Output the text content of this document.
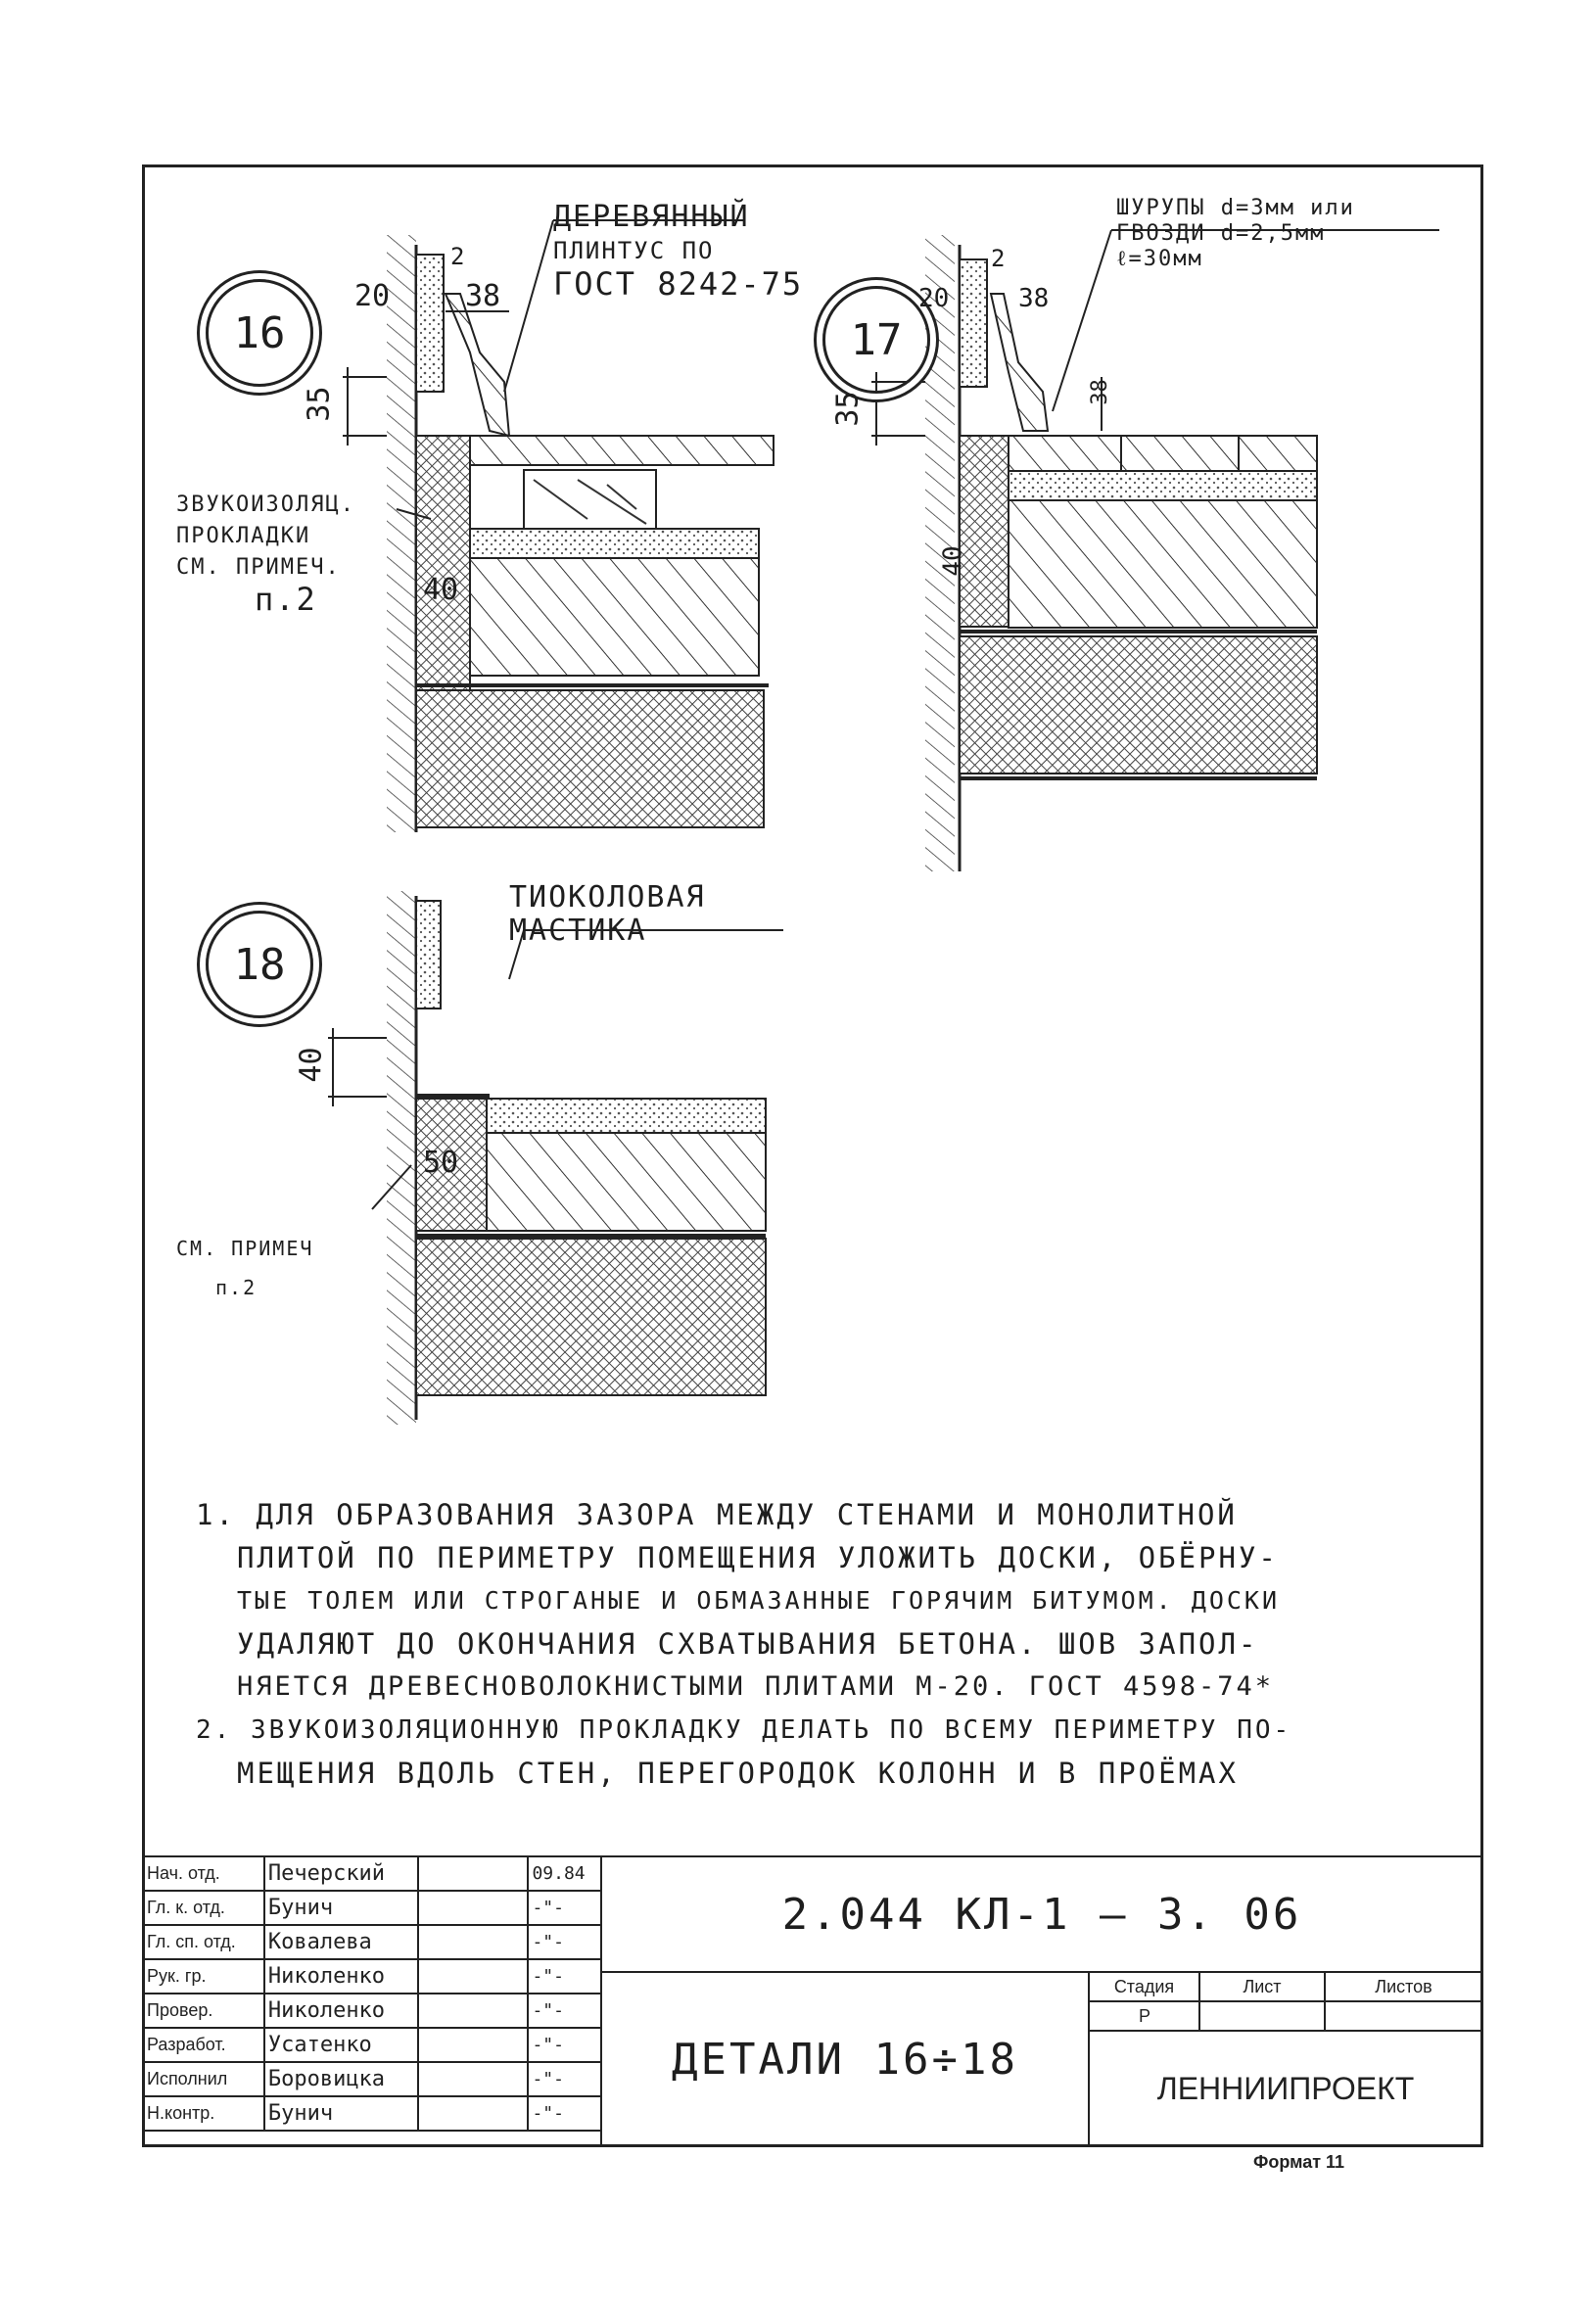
16	17
18
20
2
38
35
40
ДЕРЕВЯННЫЙ
ПЛИНТУС ПО
ГОСТ 8242-75
ЗВУКОИЗОЛЯЦ.
ПРОКЛАДКИ
СМ. ПРИМЕЧ.
п.2
20
2
38
35
40
38
ШУРУПЫ d=3мм или
ГВОЗДИ d=2,5мм
ℓ=30мм
40
50
ТИОКОЛОВАЯ
МАСТИКА
СМ. ПРИМЕЧ
п.2

1. ДЛЯ ОБРАЗОВАНИЯ ЗАЗОРА МЕЖДУ СТЕНАМИ И МОНОЛИТНОЙ

ПЛИТОЙ ПО ПЕРИМЕТРУ ПОМЕЩЕНИЯ УЛОЖИТЬ ДОСКИ, ОБЁРНУ-

ТЫЕ ТОЛЕМ ИЛИ СТРОГАНЫЕ И ОБМАЗАННЫЕ ГОРЯЧИМ БИТУМОМ. ДОСКИ

УДАЛЯЮТ ДО ОКОНЧАНИЯ СХВАТЫВАНИЯ БЕТОНА. ШОВ ЗАПОЛ-

НЯЕТСЯ ДРЕВЕСНОВОЛОКНИСТЫМИ ПЛИТАМИ М-20. ГОСТ 4598-74*

2. ЗВУКОИЗОЛЯЦИОННУЮ ПРОКЛАДКУ ДЕЛАТЬ ПО ВСЕМУ ПЕРИМЕТРУ ПО-

МЕЩЕНИЯ ВДОЛЬ СТЕН, ПЕРЕГОРОДОК КОЛОНН И В ПРОЁМАХ

Нач. отд.	Печерский		09.84
Гл. к. отд.	Бунич		-"-
Гл. сп. отд.	Ковалева		-"-
Рук. гр.	Николенко		-"-
Провер.	Николенко		-"-
Разработ.	Усатенко		-"-
Исполнил	Боровицка		-"-
Н.контр.	Бунич		-"-
2.044 КЛ-1 — 3. 06
ДЕТАЛИ 16÷18
Стадия	Лист	Листов
Р
ЛЕННИИПРОЕКТ
Формат 11
